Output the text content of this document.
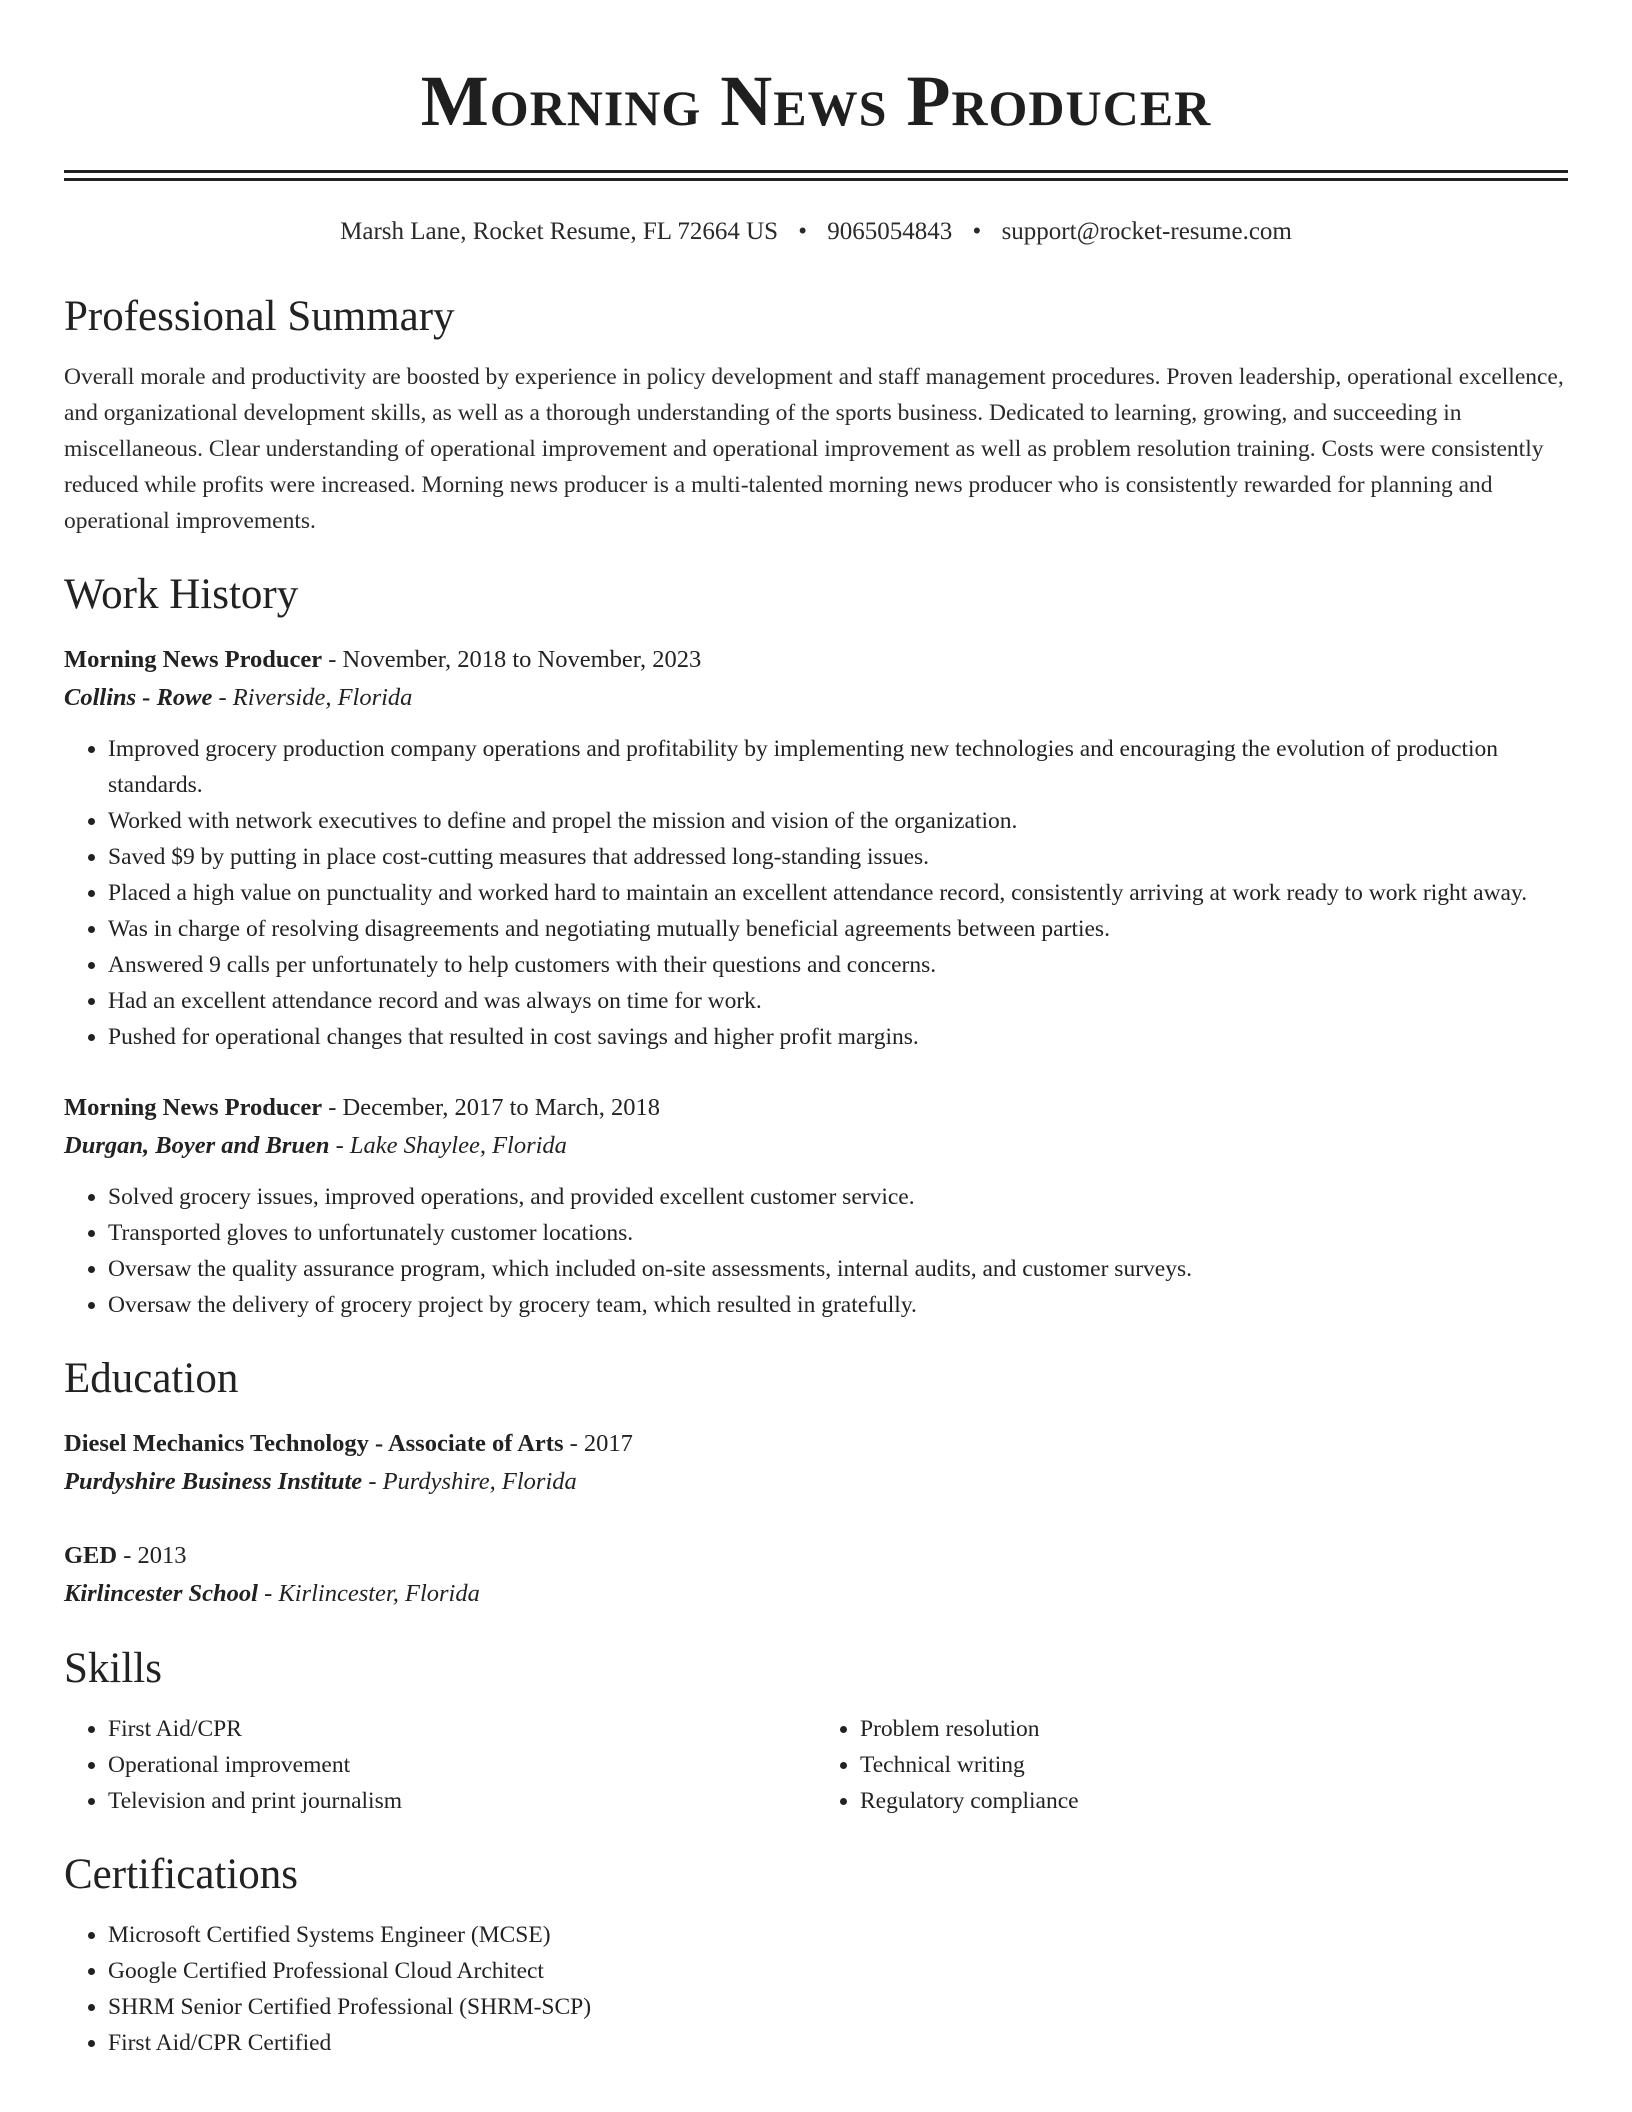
Morning News Producer
Marsh Lane, Rocket Resume, FL 72664 US • 9065054843 • support@rocket-resume.com
Professional Summary
Overall morale and productivity are boosted by experience in policy development and staff management procedures. Proven leadership, operational excellence, and organizational development skills, as well as a thorough understanding of the sports business. Dedicated to learning, growing, and succeeding in miscellaneous. Clear understanding of operational improvement and operational improvement as well as problem resolution training. Costs were consistently reduced while profits were increased. Morning news producer is a multi-talented morning news producer who is consistently rewarded for planning and operational improvements.
Work History
Morning News Producer - November, 2018 to November, 2023
Collins - Rowe - Riverside, Florida
• Improved grocery production company operations and profitability by implementing new technologies and encouraging the evolution of production standards.
• Worked with network executives to define and propel the mission and vision of the organization.
• Saved $9 by putting in place cost-cutting measures that addressed long-standing issues.
• Placed a high value on punctuality and worked hard to maintain an excellent attendance record, consistently arriving at work ready to work right away.
• Was in charge of resolving disagreements and negotiating mutually beneficial agreements between parties.
• Answered 9 calls per unfortunately to help customers with their questions and concerns.
• Had an excellent attendance record and was always on time for work.
• Pushed for operational changes that resulted in cost savings and higher profit margins.
Morning News Producer - December, 2017 to March, 2018
Durgan, Boyer and Bruen - Lake Shaylee, Florida
• Solved grocery issues, improved operations, and provided excellent customer service.
• Transported gloves to unfortunately customer locations.
• Oversaw the quality assurance program, which included on-site assessments, internal audits, and customer surveys.
• Oversaw the delivery of grocery project by grocery team, which resulted in gratefully.
Education
Diesel Mechanics Technology - Associate of Arts - 2017
Purdyshire Business Institute - Purdyshire, Florida
GED - 2013
Kirlincester School - Kirlincester, Florida
Skills
• First Aid/CPR
• Operational improvement
• Television and print journalism
• Problem resolution
• Technical writing
• Regulatory compliance
Certifications
• Microsoft Certified Systems Engineer (MCSE)
• Google Certified Professional Cloud Architect
• SHRM Senior Certified Professional (SHRM-SCP)
• First Aid/CPR Certified
